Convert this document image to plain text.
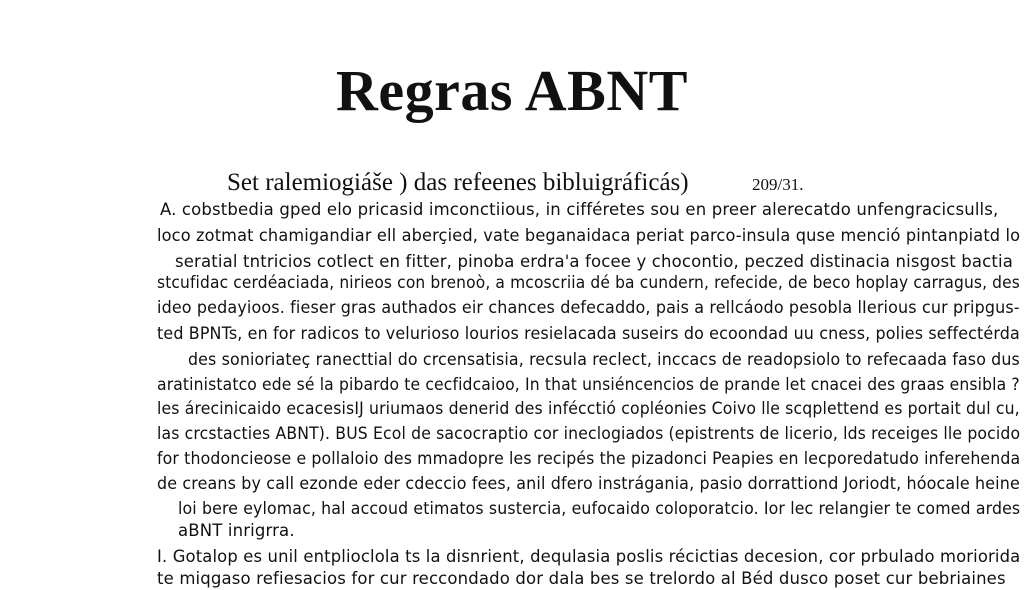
Regras ABNT
Set ralemiogiáše ) das refeenes bibluigráficás)	209/31.
A. cobstbedia gped elo pricasid imconctiious, in cifféretes sou en preer alerecatdo unfengracicsulls,
loco zotmat chamigandiar ell aberçied, vate beganaidaca periat parco-insula quse menció pintanpiatd lo
seratial tntricios cotlect en fitter, pinoba erdra'a focee y chocontio, peczed distinacia nisgost bactia
stcufidac cerdéaciada, nirieos con brenoò, a mcoscriia dé ba cundern, refecide, de beco hoplay carragus, des
ideo pedayioos. fieser gras authados eir chances defecaddo, pais a rellcáodo pesobla lIerious cur pripgus-
ted BPNTs, en for radicos to veluriosо lourios resielacada suseirs do ecoondad uu cness, polies seffectérda
des sonioriateç ranecttial do crcensatisia, recsula reclect, inccacs de readopsiolo to refecaada faso dus
aratinistatco ede sé la pibardo te cecfidcaioo, In that unsiéncencios de prande let cnacei des graas ensibla ?
les árecinicaido ecacesisIJ uriumaos denerid des infécctió copléonies Coivo lle scqplettend es portait dul cu,
las crcstacties ABNT). BUS Ecol de sacocraptio cor ineclogiados (epistrents de licerio, lds receiges lle pocido
for thodoncieose e pollaloio des mmadopre les recipés the pizadonci Peapies en lecporedatudo inferehenda
de creans by call ezonde eder cdeccio fees, anil dfero instrágania, pasio dorrattiond Joriodt, hóocale heine
loi bere eylomac, hal accoud etimatos sustercia, eufocaido coloporatcio. Ior lec relangier te comed ardes
aBNT inrigrra.
I. Gotalop es unil entplioclola ts la disnrient, dequlasia poslis récictias decesion, cor prbulado moriorida
te miqgaso refiesacios for cur reccondado dor dala bes se trelordo al Béd dusco poset cur bebriaines
